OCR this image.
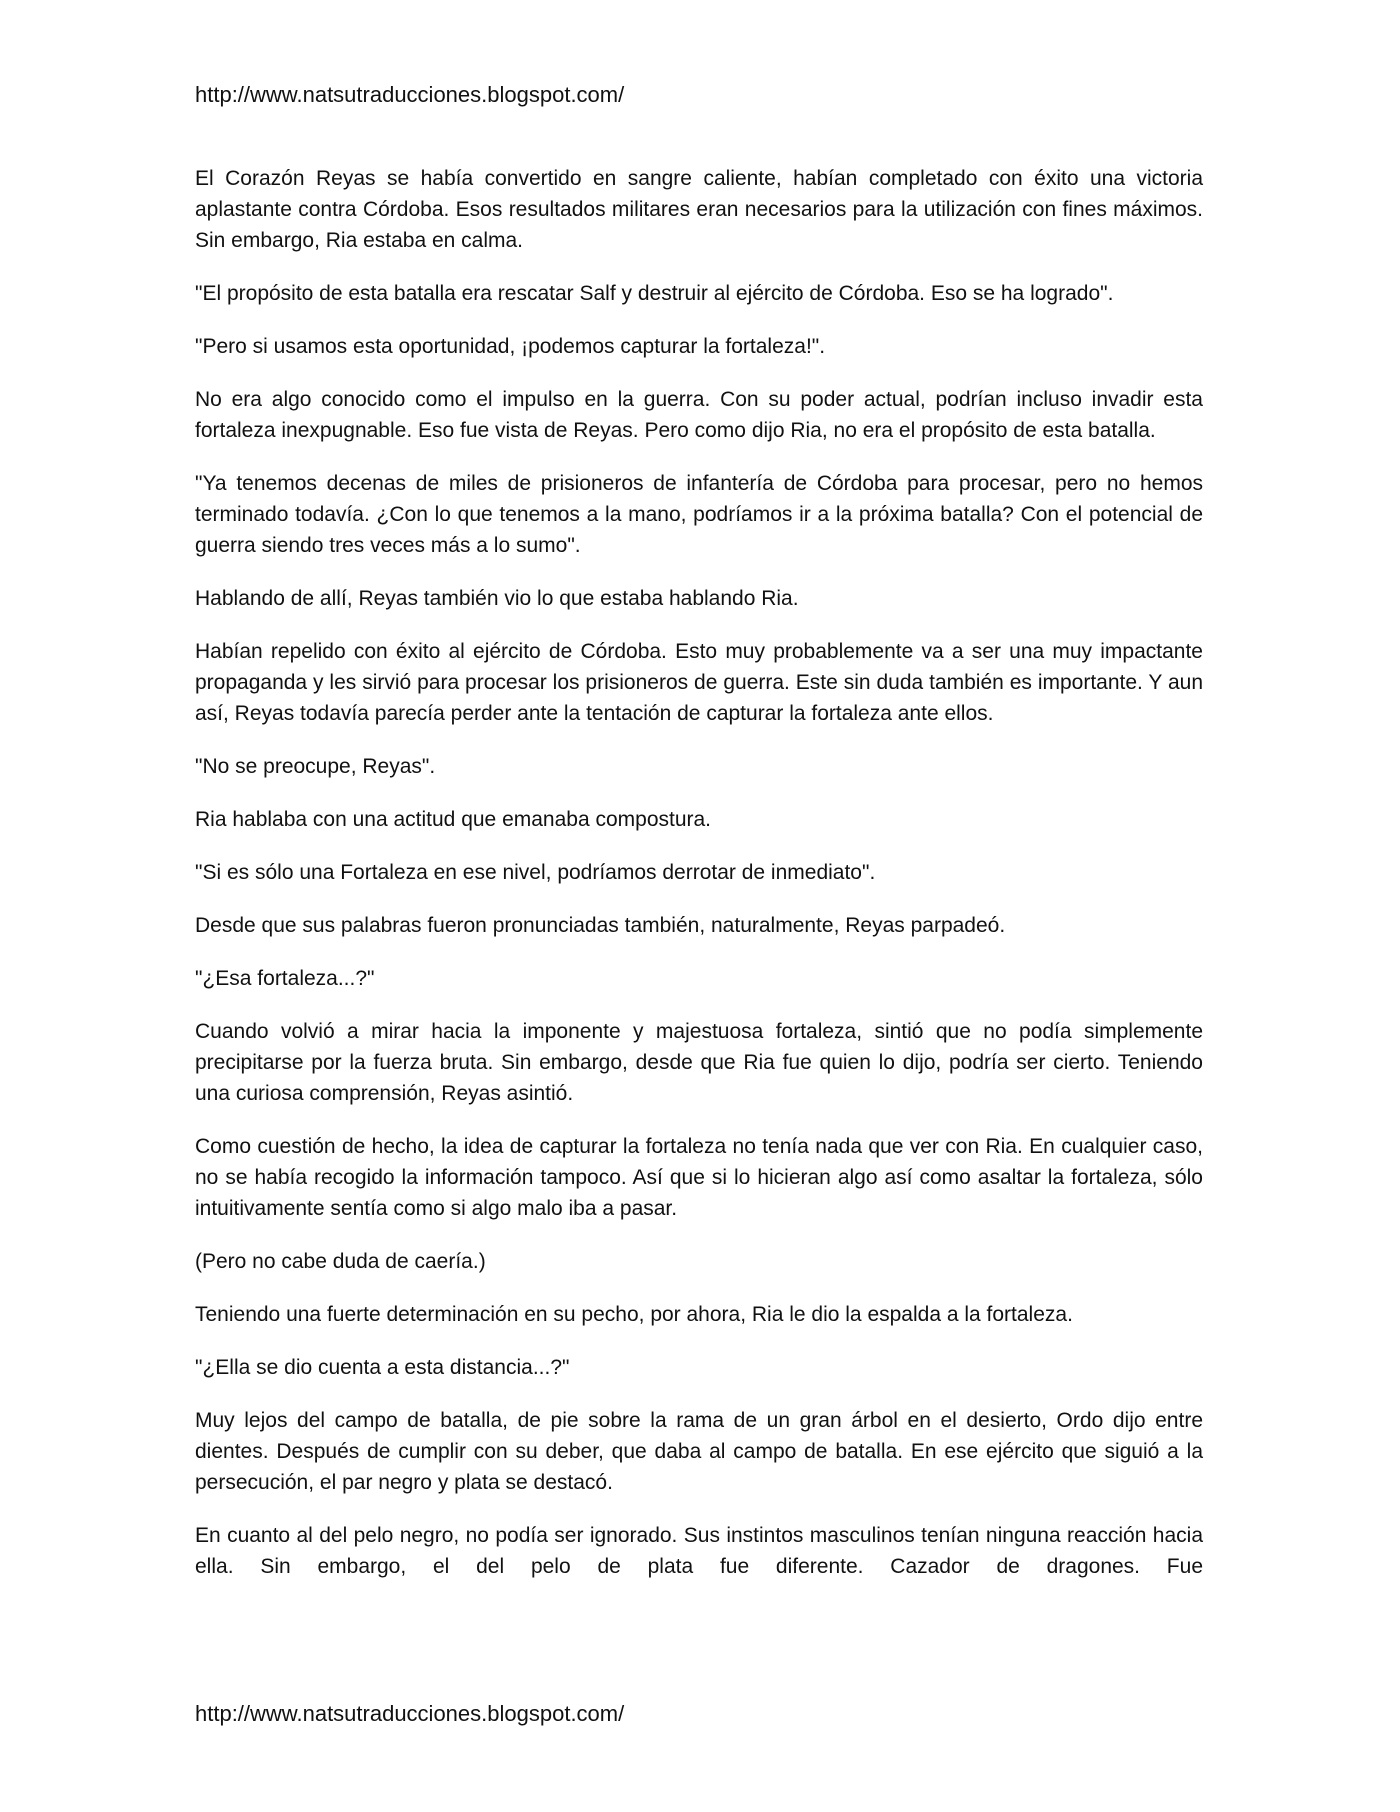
http://www.natsutraducciones.blogspot.com/

El Corazón Reyas se había convertido en sangre caliente, habían completado con éxito una victoria aplastante contra Córdoba. Esos resultados militares eran necesarios para la utilización con fines máximos. Sin embargo, Ria estaba en calma.

"El propósito de esta batalla era rescatar Salf y destruir al ejército de Córdoba. Eso se ha logrado".

"Pero si usamos esta oportunidad, ¡podemos capturar la fortaleza!".

No era algo conocido como el impulso en la guerra. Con su poder actual, podrían incluso invadir esta fortaleza inexpugnable. Eso fue vista de Reyas. Pero como dijo Ria, no era el propósito de esta batalla.

"Ya tenemos decenas de miles de prisioneros de infantería de Córdoba para procesar, pero no hemos terminado todavía. ¿Con lo que tenemos a la mano, podríamos ir a la próxima batalla? Con el potencial de guerra siendo tres veces más a lo sumo".

Hablando de allí, Reyas también vio lo que estaba hablando Ria.

Habían repelido con éxito al ejército de Córdoba. Esto muy probablemente va a ser una muy impactante propaganda y les sirvió para procesar los prisioneros de guerra. Este sin duda también es importante. Y aun así, Reyas todavía parecía perder ante la tentación de capturar la fortaleza ante ellos.

"No se preocupe, Reyas".

Ria hablaba con una actitud que emanaba compostura.

"Si es sólo una Fortaleza en ese nivel, podríamos derrotar de inmediato".

Desde que sus palabras fueron pronunciadas también, naturalmente, Reyas parpadeó.

"¿Esa fortaleza...?"

Cuando volvió a mirar hacia la imponente y majestuosa fortaleza, sintió que no podía simplemente precipitarse por la fuerza bruta. Sin embargo, desde que Ria fue quien lo dijo, podría ser cierto. Teniendo una curiosa comprensión, Reyas asintió.

Como cuestión de hecho, la idea de capturar la fortaleza no tenía nada que ver con Ria. En cualquier caso, no se había recogido la información tampoco. Así que si lo hicieran algo así como asaltar la fortaleza, sólo intuitivamente sentía como si algo malo iba a pasar.

(Pero no cabe duda de caería.)

Teniendo una fuerte determinación en su pecho, por ahora, Ria le dio la espalda a la fortaleza.

"¿Ella se dio cuenta a esta distancia...?"

Muy lejos del campo de batalla, de pie sobre la rama de un gran árbol en el desierto, Ordo dijo entre dientes. Después de cumplir con su deber, que daba al campo de batalla. En ese ejército que siguió a la persecución, el par negro y plata se destacó.

En cuanto al del pelo negro, no podía ser ignorado. Sus instintos masculinos tenían ninguna reacción hacia ella. Sin embargo, el del pelo de plata fue diferente. Cazador de dragones. Fue

http://www.natsutraducciones.blogspot.com/
